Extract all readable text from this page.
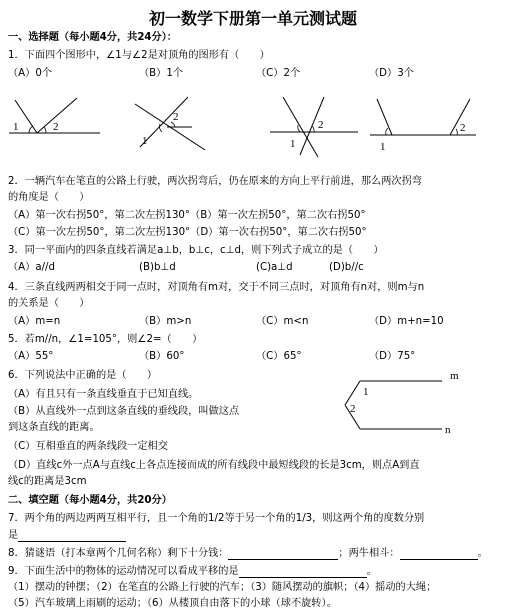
初一数学下册第一单元测试题
一、选择题（每小题4分，共24分）：
1．下面四个图形中，∠1与∠2是对顶角的图形有（　　）
（A）0个	（B）1个	（C）2个	（D）3个
1	2
1
2
1
2
1
2
2．一辆汽车在笔直的公路上行驶，两次拐弯后，仍在原来的方向上平行前进，那么两次拐弯
的角度是（　　）
（A）第一次右拐50°，第二次左拐130°（B）第一次左拐50°，第二次右拐50°
（C）第一次左拐50°，第二次左拐130°（D）第一次右拐50°，第二次右拐50°
3．同一平面内的四条直线若满足a⊥b，b⊥c，c⊥d，则下列式子成立的是（　　）
（A）a//d	(B)b⊥d	(C)a⊥d	(D)b//c
4．三条直线两两相交于同一点时，对顶角有m对，交于不同三点时，对顶角有n对，则m与n
的关系是（　　）
（A）m=n	（B）m>n	（C）m<n	（D）m+n=10
5．若m//n，∠1=105°，则∠2=（　　）
（A）55°	（B）60°	（C）65°	（D）75°
6．下列说法中正确的是（　　）
（A）有且只有一条直线垂直于已知直线。
（B）从直线外一点到这条直线的垂线段，叫做这点
到这条直线的距离。
（C）互相垂直的两条线段一定相交
（D）直线c外一点A与直线c上各点连接而成的所有线段中最短线段的长是3cm，则点A到直
线c的距离是3cm
m
n
1
2
二、填空题（每小题4分，共20分）
7．两个角的两边两两互相平行，且一个角的1/2等于另一个角的1/3，则这两个角的度数分别
是
8．猜谜语（打本章两个几何名称）剩下十分钱：	；两牛相斗：	。
9．下面生活中的物体的运动情况可以看成平移的是	。
（1）摆动的钟摆；（2）在笔直的公路上行驶的汽车；（3）随风摆动的旗帜；（4）摇动的大绳；
（5）汽车玻璃上雨刷的运动；（6）从楼顶自由落下的小球（球不旋转）。
